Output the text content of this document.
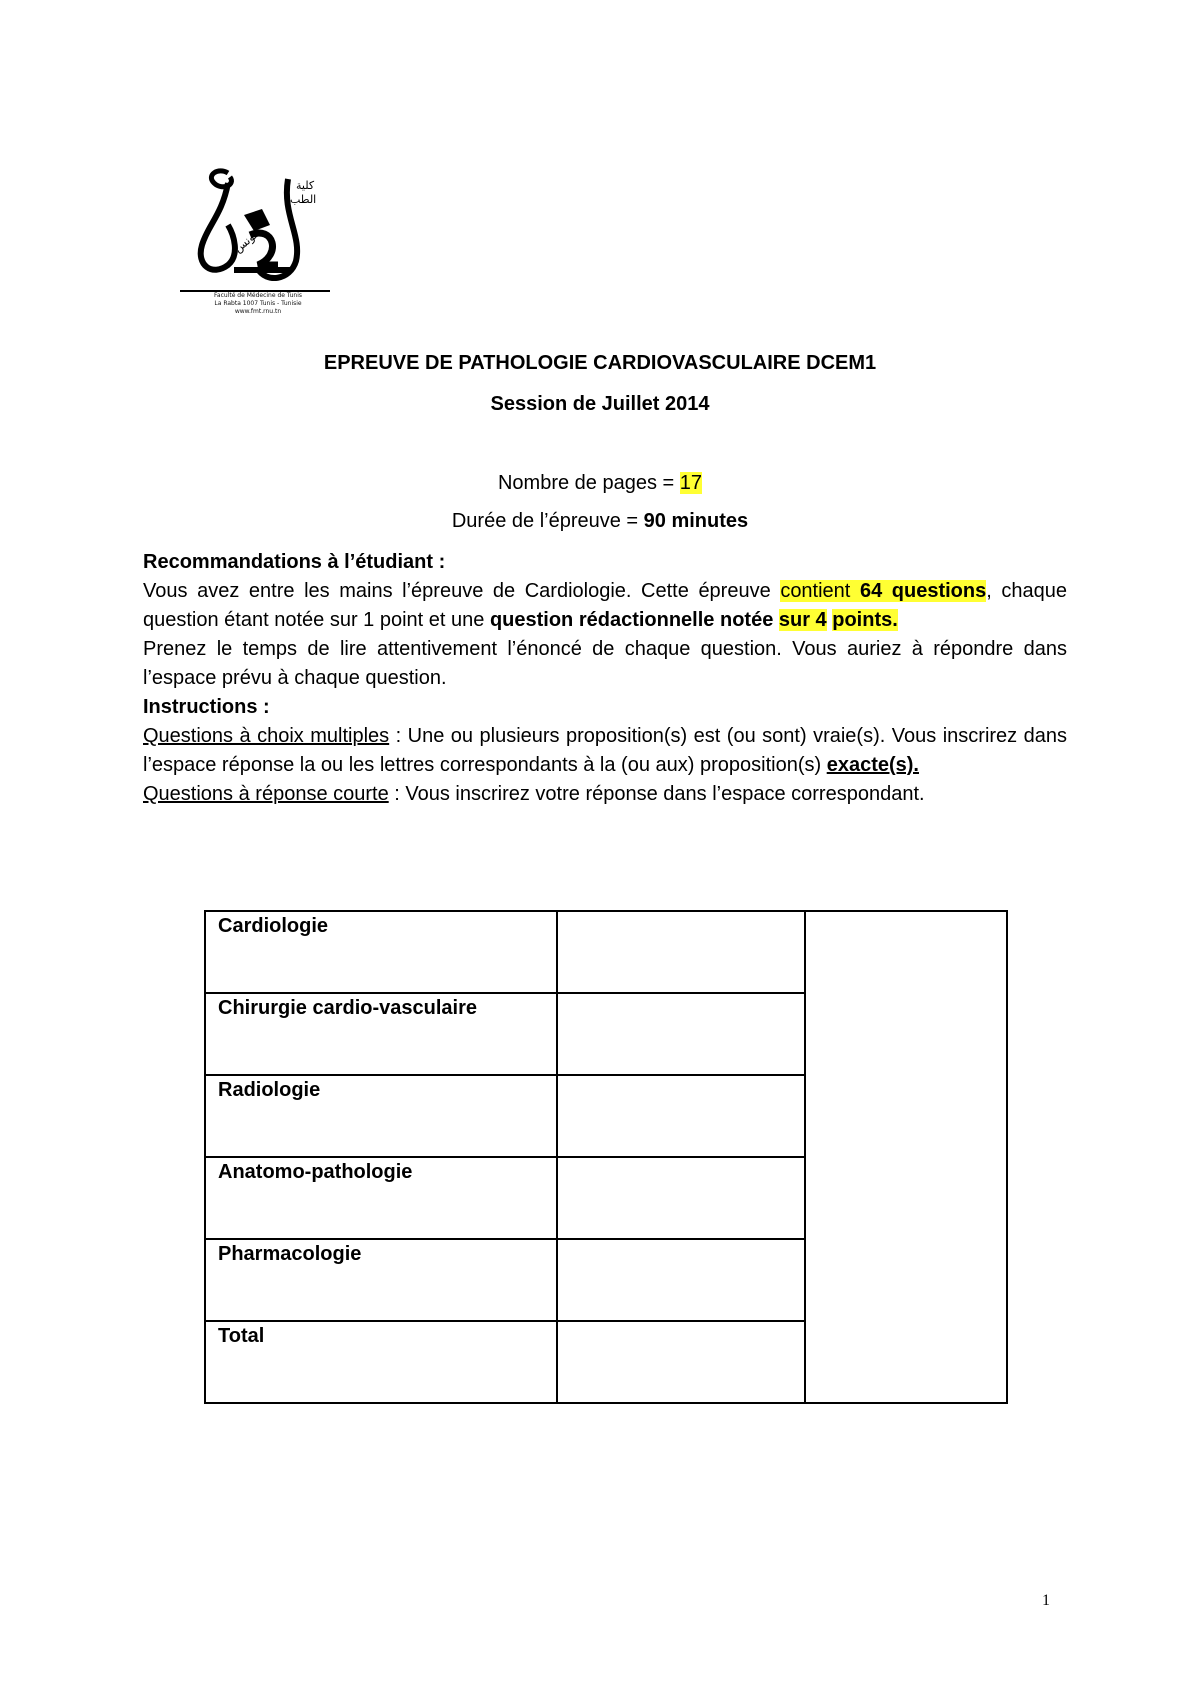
كلية
الطب
بتونس
Faculté de Médecine de Tunis
La Rabta 1007 Tunis - Tunisie
www.fmt.rnu.tn
EPREUVE DE PATHOLOGIE CARDIOVASCULAIRE DCEM1
Session de Juillet 2014
Nombre de pages = 17
Durée de l’épreuve = 90 minutes

Recommandations à l’étudiant :

Vous avez entre les mains l’épreuve de Cardiologie. Cette épreuve contient 64 questions, chaque question étant notée sur 1 point et une question rédactionnelle notée sur 4 points.

Prenez le temps de lire attentivement l’énoncé de chaque question. Vous auriez à répondre dans l’espace prévu à chaque question.

Instructions :

Questions à choix multiples : Une ou plusieurs proposition(s) est (ou sont) vraie(s). Vous inscrirez dans l’espace réponse la ou les lettres correspondants à la (ou aux) proposition(s) exacte(s).

Questions à réponse courte : Vous inscrirez votre réponse dans l’espace correspondant.

Cardiologie		
Chirurgie cardio-vasculaire		
Radiologie		
Anatomo-pathologie		
Pharmacologie		
Total		
1
